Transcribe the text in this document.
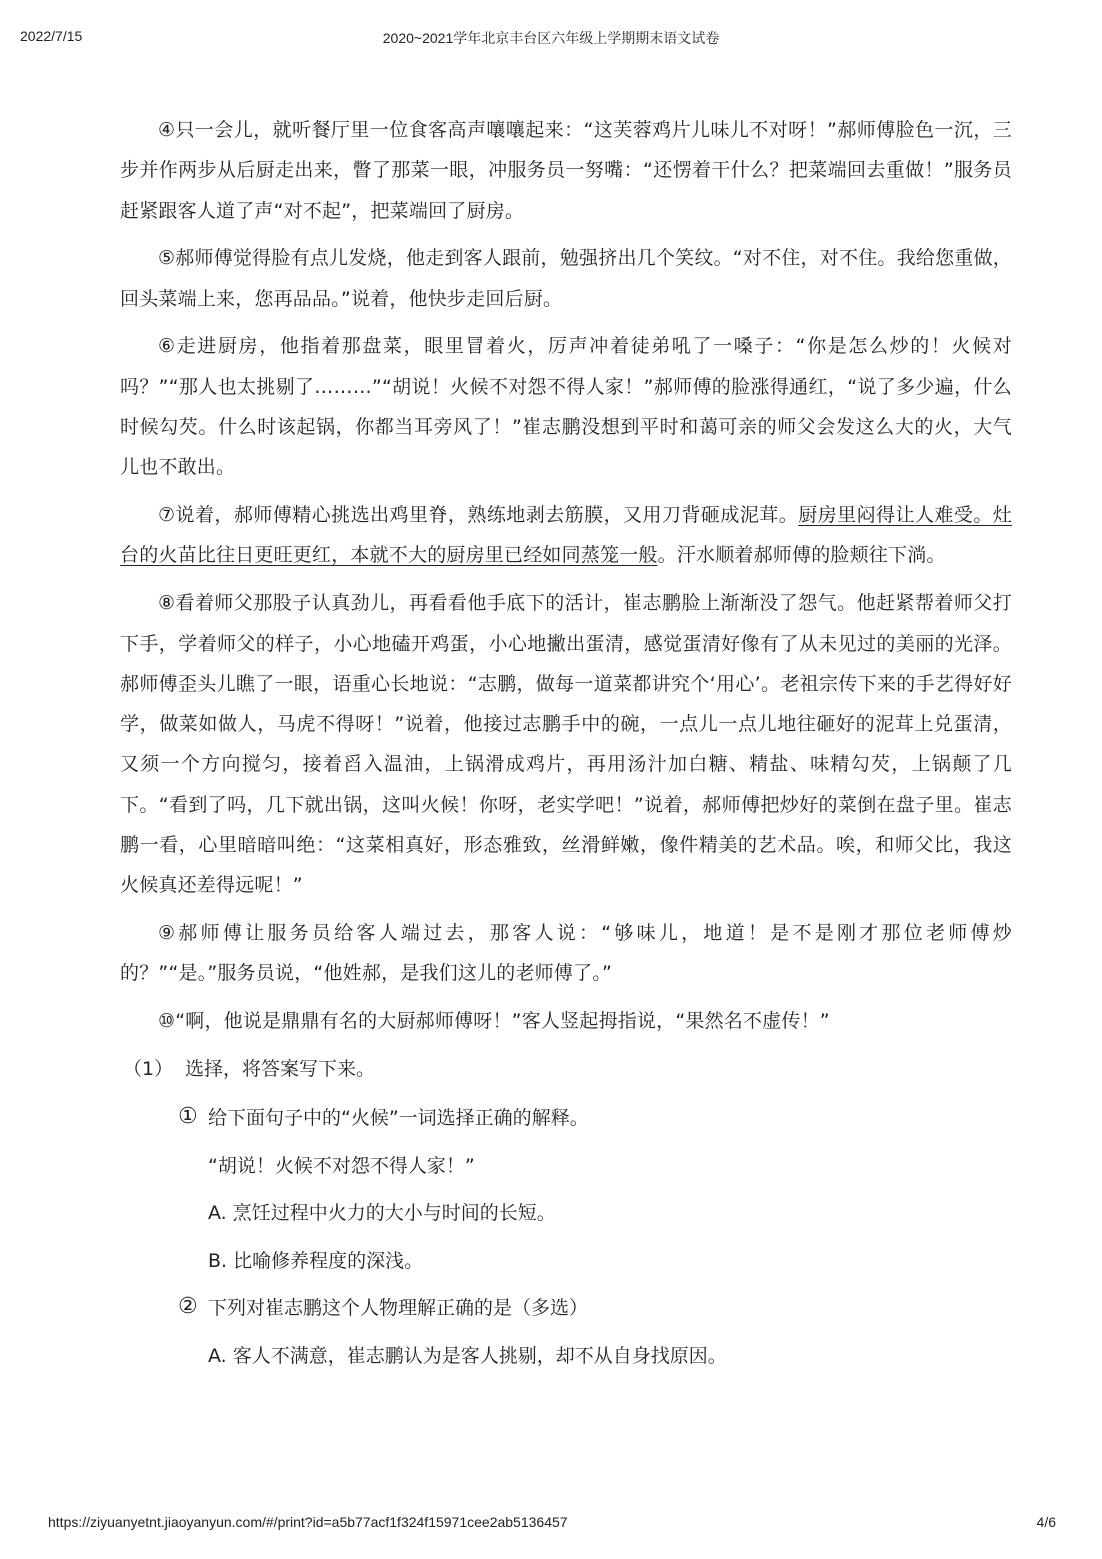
2022/7/15	2020~2021学年北京丰台区六年级上学期期末语文试卷

④只一会儿，就听餐厅里一位食客高声嚷嚷起来：“这芙蓉鸡片儿味儿不对呀！”郝师傅脸色一沉，三步并作两步从后厨走出来，瞥了那菜一眼，冲服务员一努嘴：“还愣着干什么？把菜端回去重做！”服务员赶紧跟客人道了声“对不起”，把菜端回了厨房。

⑤郝师傅觉得脸有点儿发烧，他走到客人跟前，勉强挤出几个笑纹。“对不住，对不住。我给您重做，回头菜端上来，您再品品。”说着，他快步走回后厨。

⑥走进厨房，他指着那盘菜，眼里冒着火，厉声冲着徒弟吼了一嗓子：“你是怎么炒的！火候对吗？”“那人也太挑剔了………”“胡说！火候不对怨不得人家！”郝师傅的脸涨得通红，“说了多少遍，什么时候勾芡。什么时该起锅，你都当耳旁风了！”崔志鹏没想到平时和蔼可亲的师父会发这么大的火，大气儿也不敢出。

⑦说着，郝师傅精心挑选出鸡里脊，熟练地剥去筋膜，又用刀背砸成泥茸。厨房里闷得让人难受。灶台的火苗比往日更旺更红，本就不大的厨房里已经如同蒸笼一般。汗水顺着郝师傅的脸颊往下淌。

⑧看着师父那股子认真劲儿，再看看他手底下的活计，崔志鹏脸上渐渐没了怨气。他赶紧帮着师父打下手，学着师父的样子，小心地磕开鸡蛋，小心地撇出蛋清，感觉蛋清好像有了从未见过的美丽的光泽。郝师傅歪头儿瞧了一眼，语重心长地说：“志鹏，做每一道菜都讲究个‘用心’。老祖宗传下来的手艺得好好学，做菜如做人，马虎不得呀！”说着，他接过志鹏手中的碗，一点儿一点儿地往砸好的泥茸上兑蛋清，又须一个方向搅匀，接着舀入温油，上锅滑成鸡片，再用汤汁加白糖、精盐、味精勾芡，上锅颠了几下。“看到了吗，几下就出锅，这叫火候！你呀，老实学吧！”说着，郝师傅把炒好的菜倒在盘子里。崔志鹏一看，心里暗暗叫绝：“这菜相真好，形态雅致，丝滑鲜嫩，像件精美的艺术品。唉，和师父比，我这火候真还差得远呢！”

⑨郝师傅让服务员给客人端过去，那客人说：“够味儿，地道！是不是刚才那位老师傅炒的？”“是。”服务员说，“他姓郝，是我们这儿的老师傅了。”

⑩“啊，他说是鼎鼎有名的大厨郝师傅呀！”客人竖起拇指说，“果然名不虚传！”

（1） 选择，将答案写下来。
① 给下面句子中的“火候”一词选择正确的解释。
“胡说！火候不对怨不得人家！”
A. 烹饪过程中火力的大小与时间的长短。
B. 比喻修养程度的深浅。
② 下列对崔志鹏这个人物理解正确的是（多选）
A. 客人不满意，崔志鹏认为是客人挑剔，却不从自身找原因。
https://ziyuanyetnt.jiaoyanyun.com/#/print?id=a5b77acf1f324f15971cee2ab5136457	4/6
